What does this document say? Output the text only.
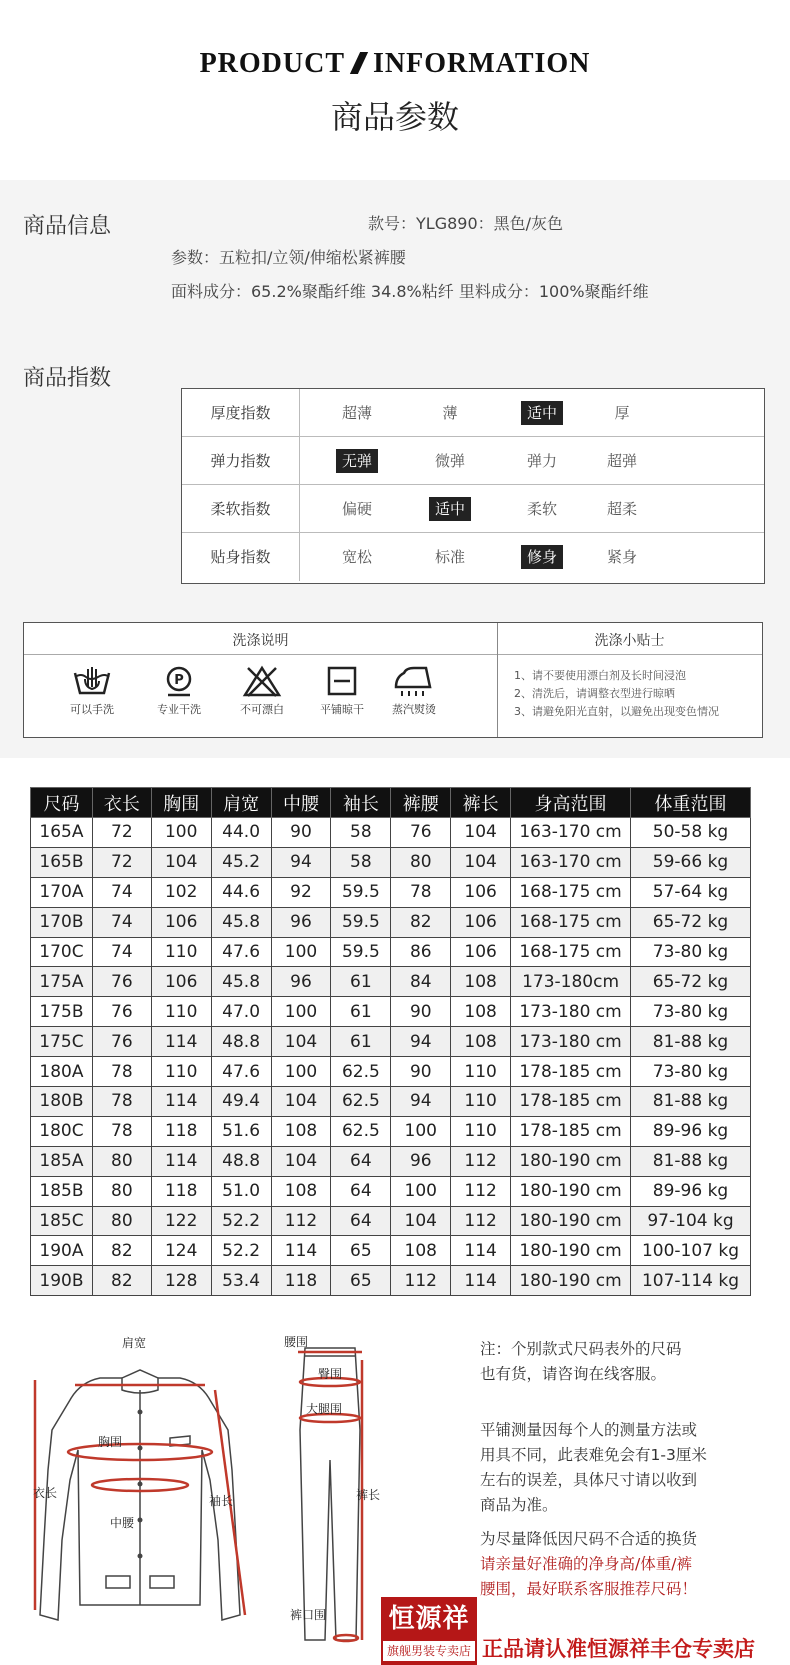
PRODUCT INFORMATION
商品参数
商品信息	款号：YLG890：黑色/灰色
参数：五粒扣/立领/伸缩松紧裤腰
面料成分：65.2%聚酯纤维 34.8%粘纤 里料成分：100%聚酯纤维
商品指数
厚度指数	超薄	薄	适中	厚
弹力指数	无弹	微弹	弹力	超弹
柔软指数	偏硬	适中	柔软	超柔
贴身指数	宽松	标准	修身	紧身
洗涤说明	洗涤小贴士
可以手洗
P
专业干洗	不可漂白	平铺晾干	蒸汽熨烫
1、请不要使用漂白剂及长时间浸泡
2、清洗后，请调整衣型进行晾晒
3、请避免阳光直射，以避免出现变色情况
尺码	衣长	胸围	肩宽	中腰	袖长	裤腰	裤长	身高范围	体重范围
165A	72	100	44.0	90	58	76	104	163-170 cm	50-58 kg
165B	72	104	45.2	94	58	80	104	163-170 cm	59-66 kg
170A	74	102	44.6	92	59.5	78	106	168-175 cm	57-64 kg
170B	74	106	45.8	96	59.5	82	106	168-175 cm	65-72 kg
170C	74	110	47.6	100	59.5	86	106	168-175 cm	73-80 kg
175A	76	106	45.8	96	61	84	108	173-180cm	65-72 kg
175B	76	110	47.0	100	61	90	108	173-180 cm	73-80 kg
175C	76	114	48.8	104	61	94	108	173-180 cm	81-88 kg
180A	78	110	47.6	100	62.5	90	110	178-185 cm	73-80 kg
180B	78	114	49.4	104	62.5	94	110	178-185 cm	81-88 kg
180C	78	118	51.6	108	62.5	100	110	178-185 cm	89-96 kg
185A	80	114	48.8	104	64	96	112	180-190 cm	81-88 kg
185B	80	118	51.0	108	64	100	112	180-190 cm	89-96 kg
185C	80	122	52.2	112	64	104	112	180-190 cm	97-104 kg
190A	82	124	52.2	114	65	108	114	180-190 cm	100-107 kg
190B	82	128	53.4	118	65	112	114	180-190 cm	107-114 kg
肩宽
胸围
衣长
袖长
中腰
腰围
臀围
大腿围
裤长
裤口围
注：个别款式尺码表外的尺码
也有货，请咨询在线客服。
平铺测量因每个人的测量方法或
用具不同，此表难免会有1-3厘米
左右的误差，具体尺寸请以收到
商品为准。
为尽量降低因尺码不合适的换货
请亲量好准确的净身高/体重/裤
腰围，最好联系客服推荐尺码！
恒源祥
旗舰男装专卖店 正品请认准恒源祥丰仓专卖店
